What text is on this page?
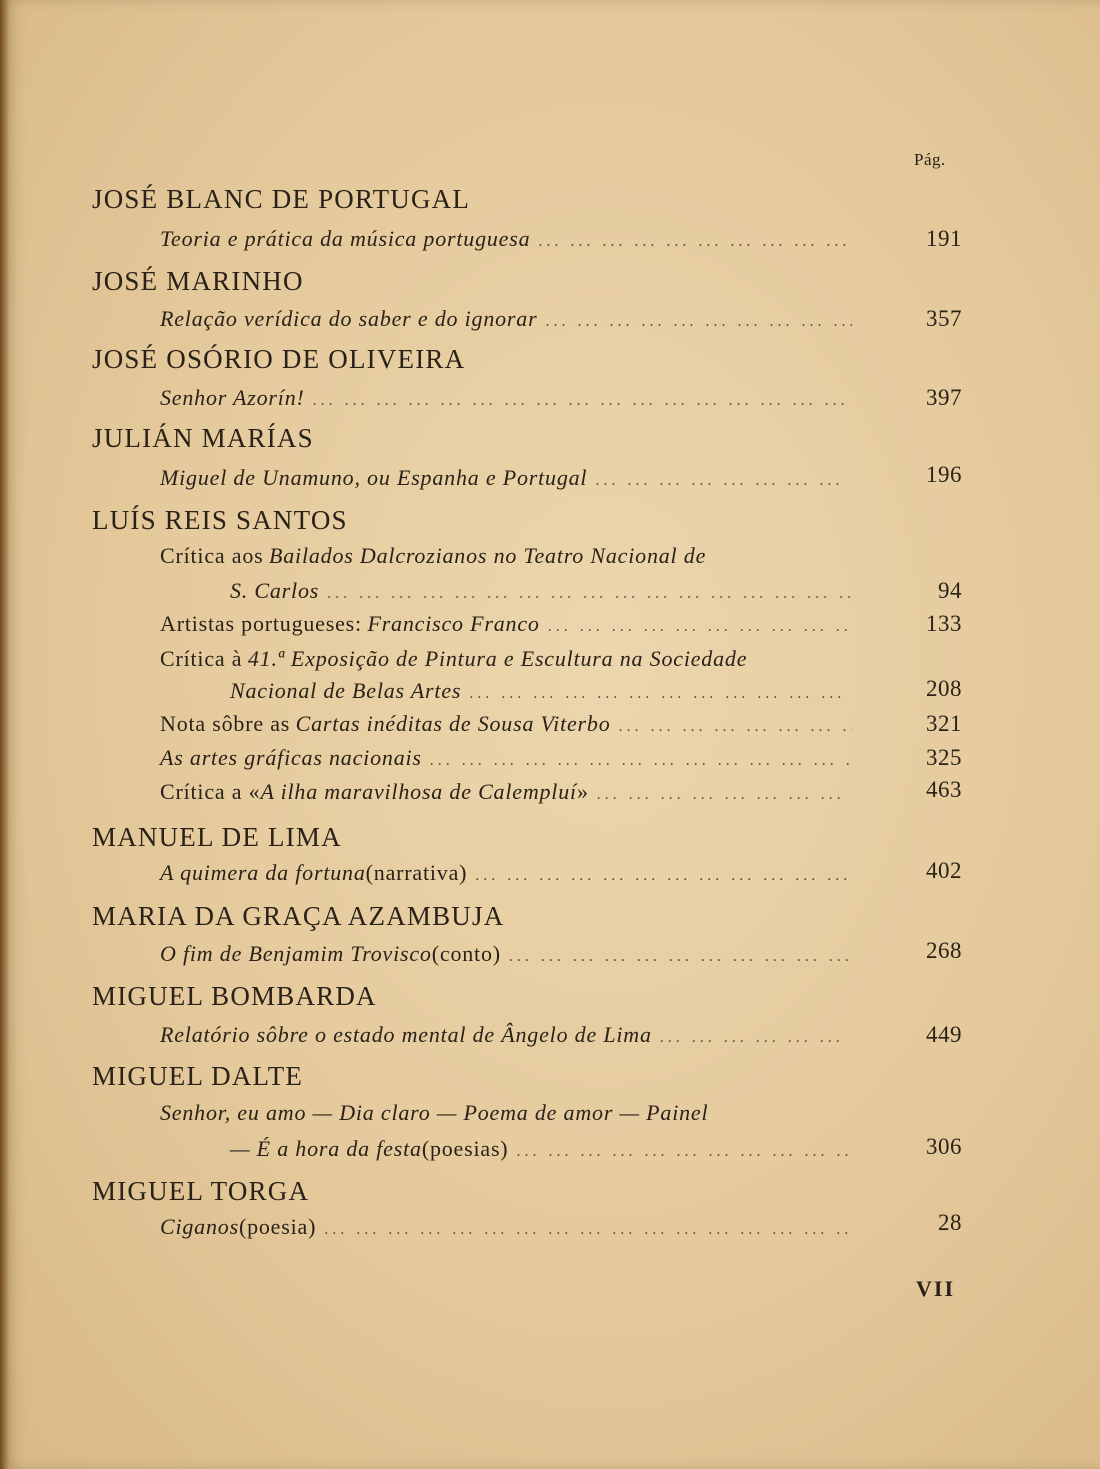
Pág.
JOSÉ BLANC DE PORTUGAL
Teoria e prática da música portuguesa ... .	191
JOSÉ MARINHO
Relação verídica do saber e do ignorar ... .	357
JOSÉ OSÓRIO DE OLIVEIRA
Senhor Azorín! ... .	397
JULIÁN MARÍAS
Miguel de Unamuno, ou Espanha e Portugal ... .	196
LUÍS REIS SANTOS
Crítica aos
Bailados Dalcrozianos no Teatro Nacional de
S. Carlos ... .	94
Artistas portugueses:
Francisco Franco ... .	133
Crítica à
41.ª Exposição de Pintura e Escultura na Sociedade
Nacional de Belas Artes ... .	208
Nota sôbre as
Cartas inéditas de Sousa Viterbo ... .	321
As artes gráficas nacionais ... .	325
Crítica a « A ilha maravilhosa de Calempluí » ... .	463
MANUEL DE LIMA
A quimera da fortuna (narrativa) ... .	402
MARIA DA GRAÇA AZAMBUJA
O fim de Benjamim Trovisco (conto) ... .	268
MIGUEL BOMBARDA
Relatório sôbre o estado mental de Ângelo de Lima ... .	449
MIGUEL DALTE
Senhor, eu amo — Dia claro — Poema de amor — Painel
— É a hora da festa (poesias) ... .	306
MIGUEL TORGA
Ciganos (poesia) ... .	28
VII
